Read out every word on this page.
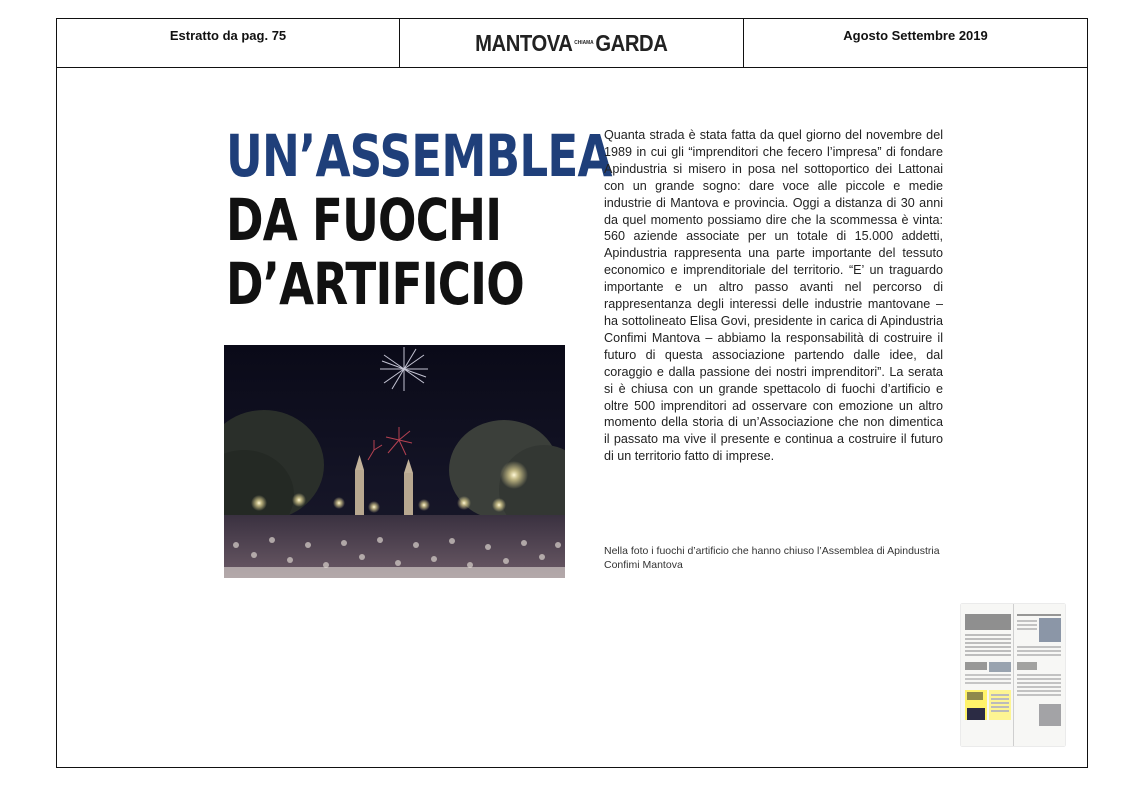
Estratto da pag. 75	MANTOVA CHIAMA GARDA	Agosto Settembre 2019
UN’ASSEMBLEA
DA FUOCHI
D’ARTIFICIO
Quanta strada è stata fatta da quel giorno del novembre del 1989 in cui gli “imprenditori che fecero l’impresa” di fondare Apindustria si misero in posa nel sottoportico dei Lattonai con un grande sogno: dare voce alle piccole e medie industrie di Mantova e provincia. Oggi a distanza di 30 anni da quel momento possiamo dire che la scommessa è vinta: 560 aziende associate per un totale di 15.000 addetti, Apindustria rappresenta una parte importante del tessuto economico e imprenditoriale del territorio. “E’ un traguardo importante e un altro passo avanti nel percorso di rappresentanza degli interessi delle industrie mantovane – ha sottolineato Elisa Govi, presidente in carica di Apindustria Confimi Mantova – abbiamo la responsabilità di costruire il futuro di questa associazione partendo dalle idee, dal coraggio e dalla passione dei nostri imprenditori”. La serata si è chiusa con un grande spettacolo di fuochi d’artificio e oltre 500 imprenditori ad osservare con emozione un altro momento della storia di un’Associazione che non dimentica il passato ma vive il presente e continua a costruire il futuro di un territorio fatto di imprese.
Nella foto i fuochi d’artificio che hanno chiuso l’Assemblea di Apindustria Confimi Mantova
